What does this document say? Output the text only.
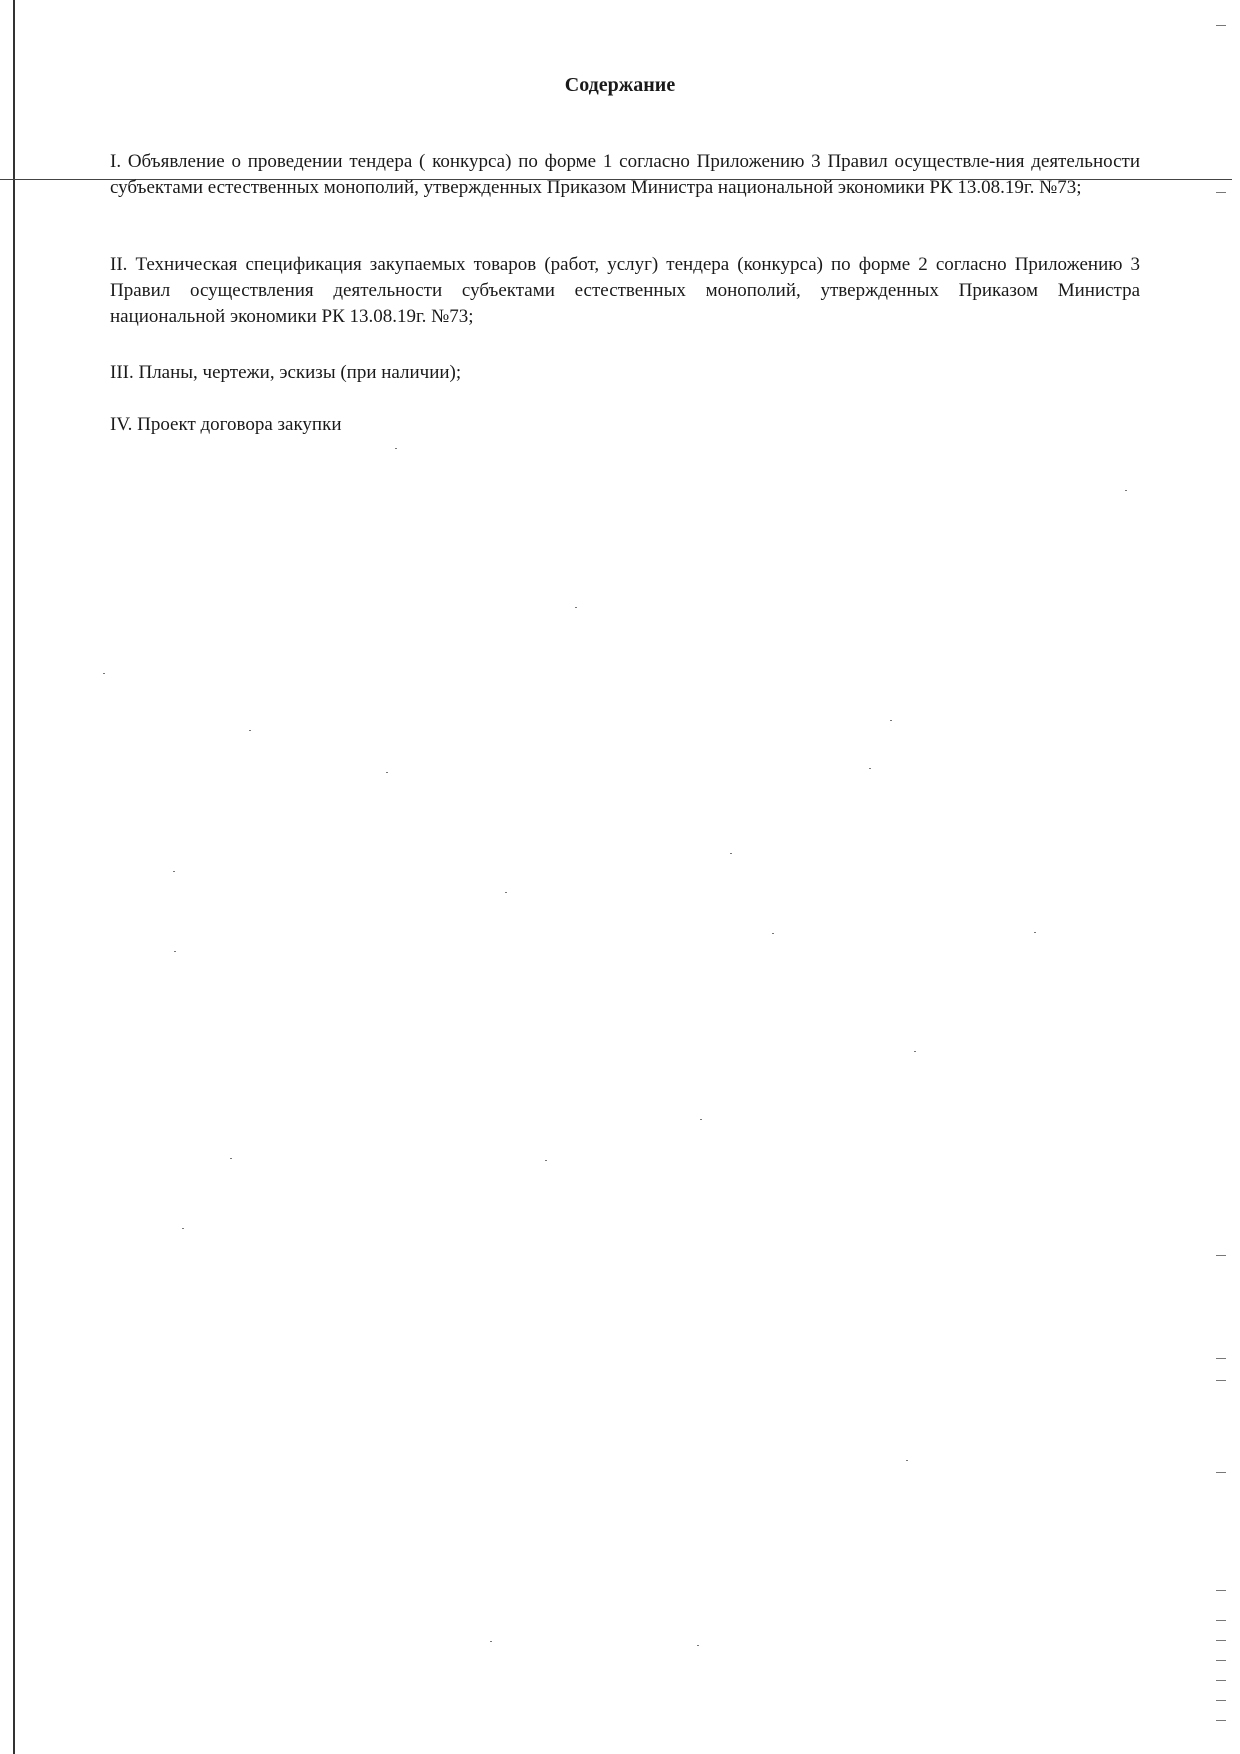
Содержание
I. Объявление о проведении тендера ( конкурса) по форме 1 согласно Приложению 3 Правил осуществле-ния деятельности субъектами естественных монополий, утвержденных Приказом Министра национальной экономики РК 13.08.19г. №73;
II. Техническая спецификация закупаемых товаров (работ, услуг) тендера (конкурса) по форме 2 согласно Приложению 3 Правил осуществления деятельности субъектами естественных монополий, утвержденных Приказом Министра национальной экономики РК 13.08.19г. №73;
III. Планы, чертежи, эскизы (при наличии);
IV. Проект договора закупки
